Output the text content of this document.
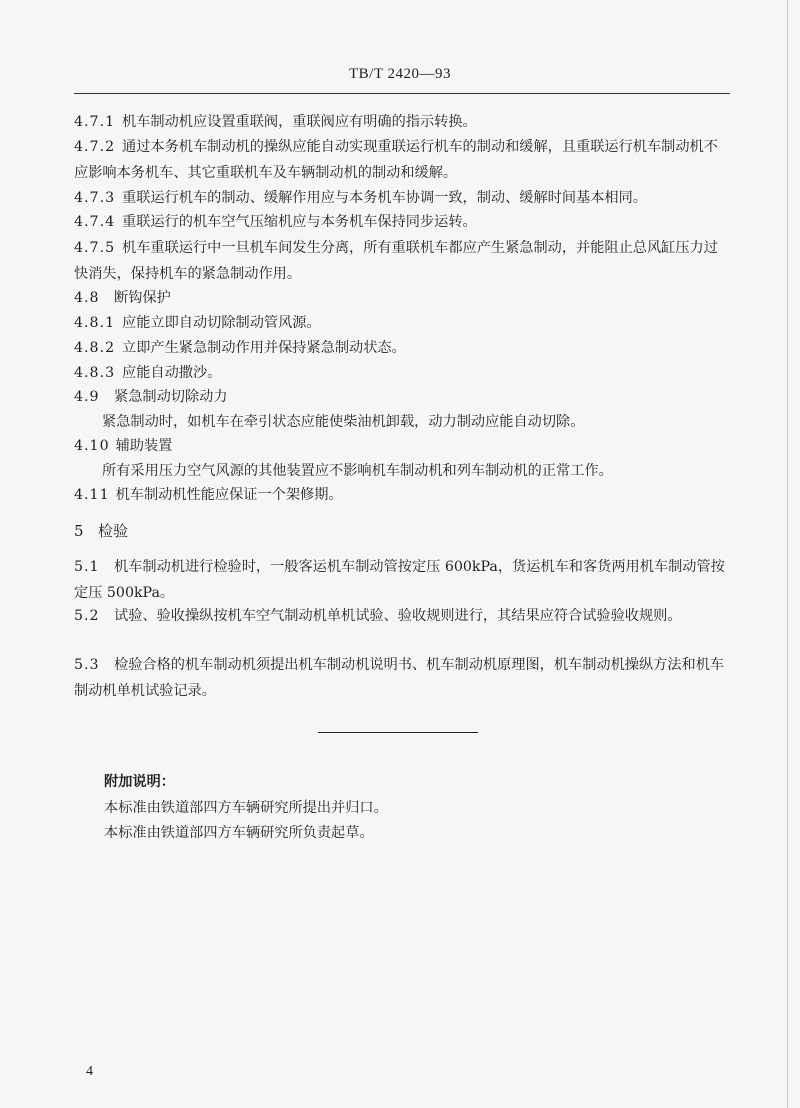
TB/T 2420—93
4.7.1 机车制动机应设置重联阀，重联阀应有明确的指示转换。
4.7.2 通过本务机车制动机的操纵应能自动实现重联运行机车的制动和缓解，且重联运行机车制动机不应影响本务机车、其它重联机车及车辆制动机的制动和缓解。
4.7.3 重联运行机车的制动、缓解作用应与本务机车协调一致，制动、缓解时间基本相同。
4.7.4 重联运行的机车空气压缩机应与本务机车保持同步运转。
4.7.5 机车重联运行中一旦机车间发生分离，所有重联机车都应产生紧急制动，并能阻止总风缸压力过快消失，保持机车的紧急制动作用。
4.8 断钩保护
4.8.1 应能立即自动切除制动管风源。
4.8.2 立即产生紧急制动作用并保持紧急制动状态。
4.8.3 应能自动撒沙。
4.9 紧急制动切除动力
紧急制动时，如机车在牵引状态应能使柴油机卸载，动力制动应能自动切除。
4.10 辅助装置
所有采用压力空气风源的其他装置应不影响机车制动机和列车制动机的正常工作。
4.11 机车制动机性能应保证一个架修期。
5 检验
5.1 机车制动机进行检验时，一般客运机车制动管按定压 600kPa，货运机车和客货两用机车制动管按定压 500kPa。
5.2 试验、验收操纵按机车空气制动机单机试验、验收规则进行，其结果应符合试验验收规则。
5.3 检验合格的机车制动机须提出机车制动机说明书、机车制动机原理图，机车制动机操纵方法和机车制动机单机试验记录。
附加说明：
本标准由铁道部四方车辆研究所提出并归口。
本标准由铁道部四方车辆研究所负责起草。
4
